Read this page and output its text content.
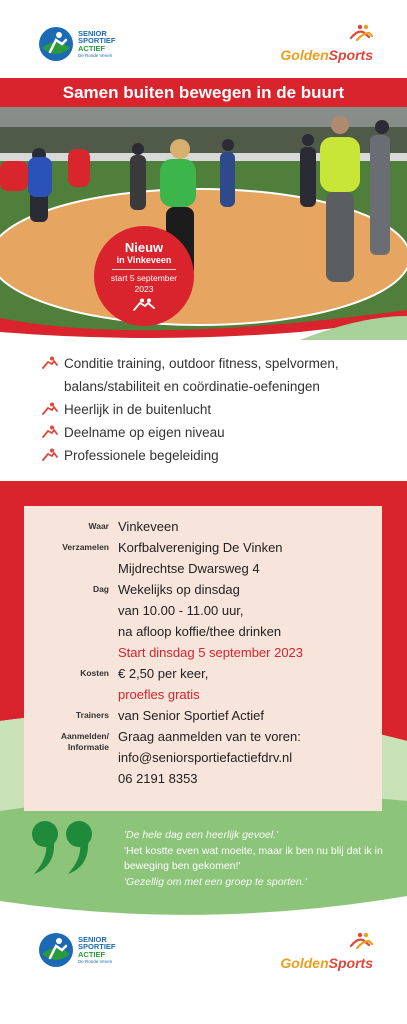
SENIOR
SPORTIEF
ACTIEF
De Ronde Venen	GoldenSports
Samen buiten bewegen in de buurt
Nieuw
in Vinkeveen
start 5 september
2023
Conditie training, outdoor fitness, spelvormen, balans/stabiliteit en coördinatie-oefeningen
Heerlijk in de buitenlucht
Deelname op eigen niveau
Professionele begeleiding
Waar Vinkeveen
Verzamelen Korfbalvereniging De Vinken
Mijdrechtse Dwarsweg 4
Dag Wekelijks op dinsdag
van 10.00 - 11.00 uur,
na afloop koffie/thee drinken
Start dinsdag 5 september 2023
Kosten € 2,50 per keer,
proefles gratis
Trainers van Senior Sportief Actief
Aanmelden/
Informatie
Graag aanmelden van te voren:
info@seniorsportiefactiefdrv.nl
06 2191 8353
'De hele dag een heerlijk gevoel.'
'Het kostte even wat moeite, maar ik ben nu blij dat ik in beweging ben gekomen!'
'Gezellig om met een groep te sporten.'
SENIOR
SPORTIEF
ACTIEF
De Ronde Venen	GoldenSports
